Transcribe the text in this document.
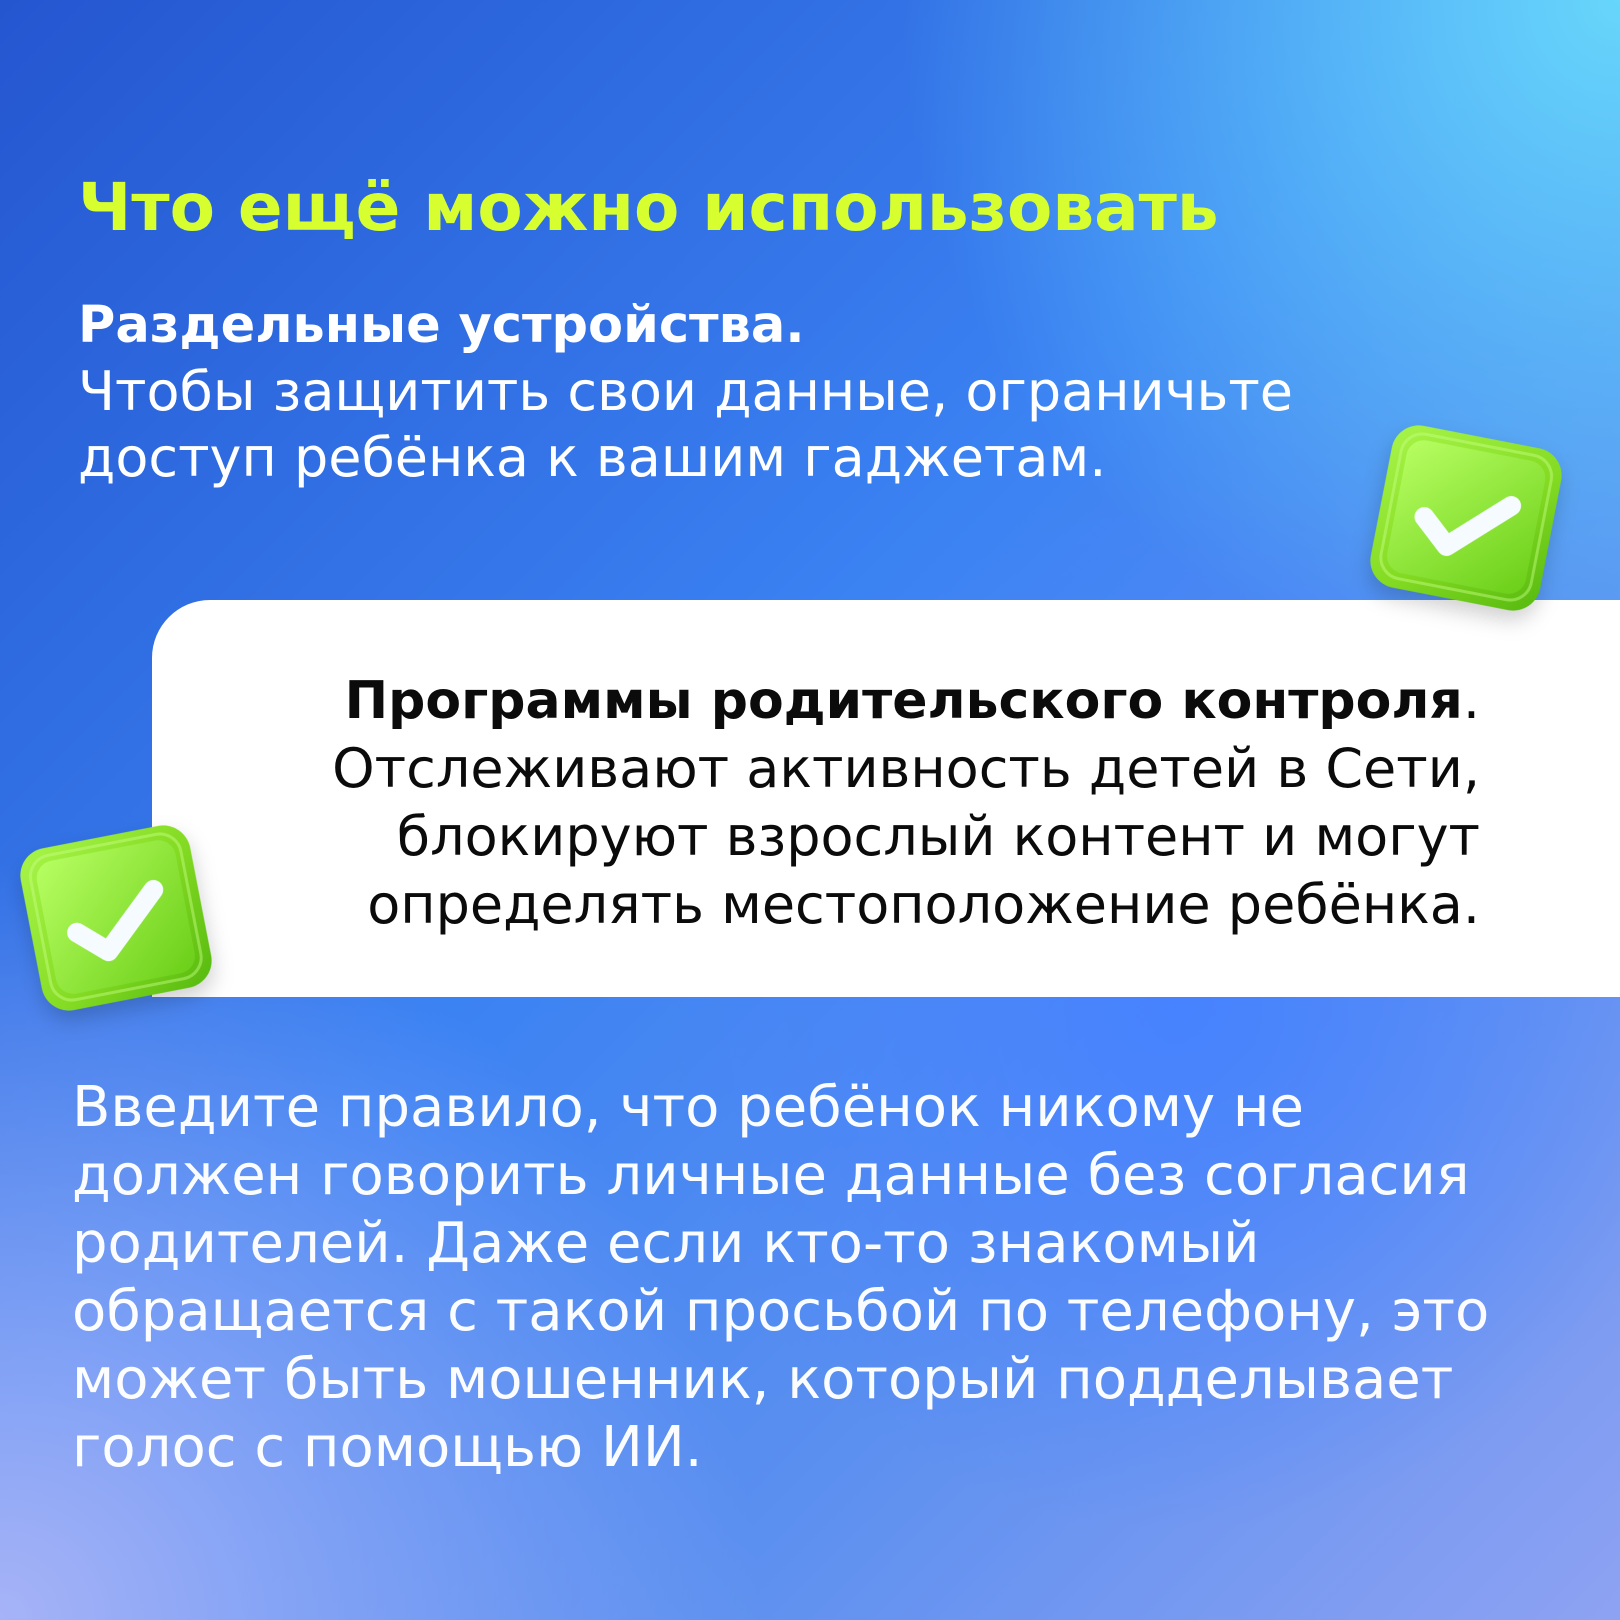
Что ещё можно использовать
Раздельные устройства.
Чтобы защитить свои данные, ограничьте доступ ребёнка к вашим гаджетам.
Программы родительского контроля.
Отслеживают активность детей в Сети, блокируют взрослый контент и могут определять местоположение ребёнка.
Введите правило, что ребёнок никому не должен говорить личные данные без согласия родителей. Даже если кто-то знакомый обращается с такой просьбой по телефону, это может быть мошенник, который подделывает голос с помощью ИИ.
